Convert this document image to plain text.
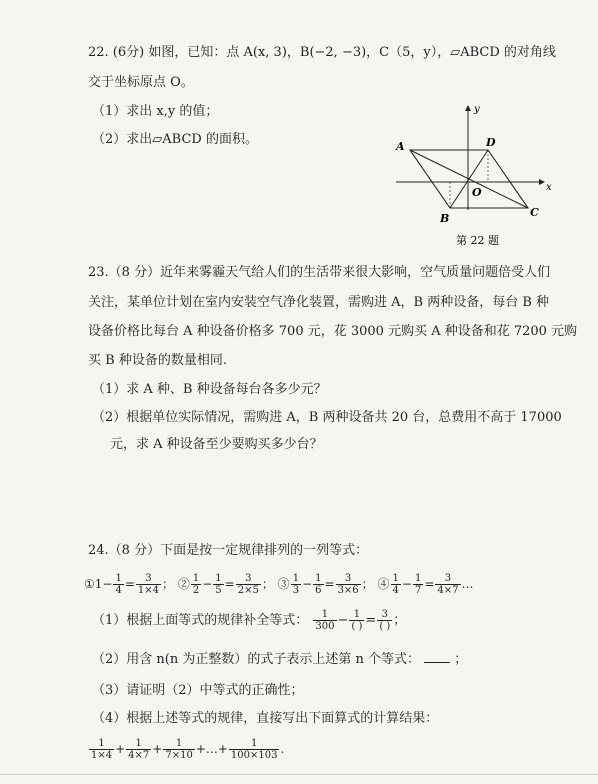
22. (6分) 如图，已知：点 A(x, 3)，B(−2, −3)，C（5，y），▱ABCD 的对角线
交于坐标原点 O。
（1）求出 x,y 的值；
（2）求出▱ABCD 的面积。	A	D
O
B	C
x
y
第 22 题
23.（8 分）近年来雾霾天气给人们的生活带来很大影响，空气质量问题倍受人们
关注，某单位计划在室内安装空气净化装置，需购进 A，B 两种设备，每台 B 种
设备价格比每台 A 种设备价格多 700 元，花 3000 元购买 A 种设备和花 7200 元购
买 B 种设备的数量相同.
（1）求 A 种、B 种设备每台各多少元？
（2）根据单位实际情况，需购进 A，B 两种设备共 20 台，总费用不高于 17000
元，求 A 种设备至少要购买多少台？
24.（8 分）下面是按一定规律排列的一列等式：
①1− $\frac{1}{4} = \frac{3}{1\times 4}$ ； ② $\frac{1}{2} - \frac{1}{5} = \frac{3}{2\times 5}$ ； ③ $\frac{1}{3} - \frac{1}{6} = \frac{3}{3\times 6}$ ； ④ $\frac{1}{4} - \frac{1}{7} = \frac{3}{4\times 7}$ …
（1）根据上面等式的规律补全等式： $\frac{1}{300} - \frac{1}{( )} = \frac{3}{( )}$ ；
（2）用含 n(n 为正整数）的式子表示上述第 n 个等式：  ；
（3）请证明（2）中等式的正确性；
（4）根据上述等式的规律，直接写出下面算式的计算结果：
$\frac{1}{1\times 4} + \frac{1}{4\times 7} + \frac{1}{7\times 10}$ +…+ $\frac{1}{100\times 103}$ .
